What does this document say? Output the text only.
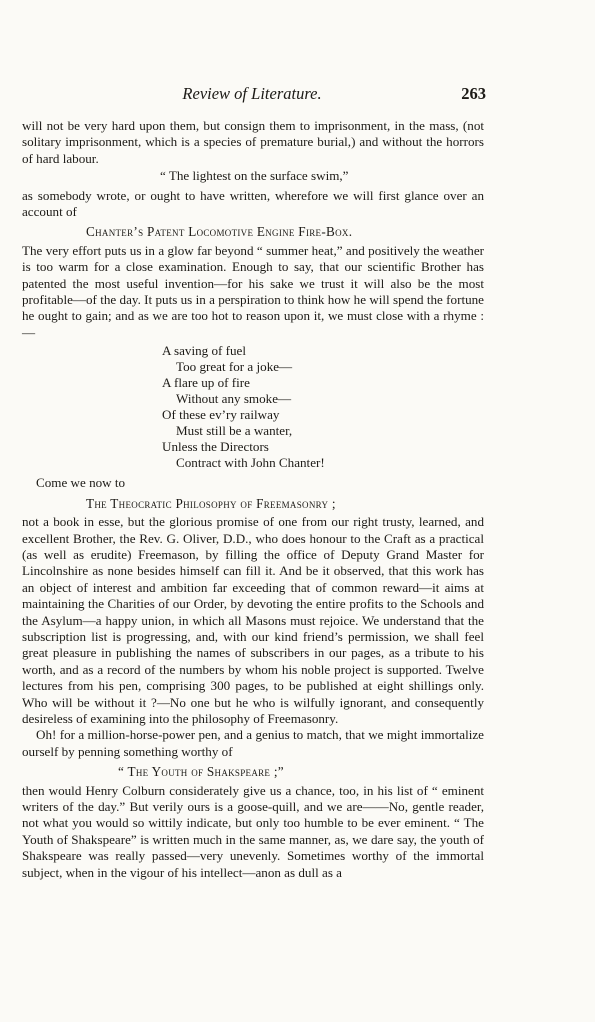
Review of Literature.	263

will not be very hard upon them, but consign them to imprisonment, in the mass, (not solitary imprisonment, which is a species of premature burial,) and without the horrors of hard labour.

“ The lightest on the surface swim,”

as somebody wrote, or ought to have written, wherefore we will first glance over an account of

Chanter’s Patent Locomotive Engine Fire-Box.

The very effort puts us in a glow far beyond “ summer heat,” and positively the weather is too warm for a close examination. Enough to say, that our scientific Brother has patented the most useful invention—for his sake we trust it will also be the most profitable—of the day. It puts us in a perspiration to think how he will spend the fortune he ought to gain; and as we are too hot to reason upon it, we must close with a rhyme :—

A saving of fuel
Too great for a joke—
A flare up of fire
Without any smoke—
Of these ev’ry railway
Must still be a wanter,
Unless the Directors
Contract with John Chanter!
Come we now to
The Theocratic Philosophy of Freemasonry ;

not a book in esse, but the glorious promise of one from our right trusty, learned, and excellent Brother, the Rev. G. Oliver, D.D., who does honour to the Craft as a practical (as well as erudite) Freemason, by filling the office of Deputy Grand Master for Lincolnshire as none besides himself can fill it. And be it observed, that this work has an object of interest and ambition far exceeding that of common reward—it aims at maintaining the Charities of our Order, by devoting the entire profits to the Schools and the Asylum—a happy union, in which all Masons must rejoice. We understand that the subscription list is progressing, and, with our kind friend’s permission, we shall feel great pleasure in publishing the names of subscribers in our pages, as a tribute to his worth, and as a record of the numbers by whom his noble project is supported. Twelve lectures from his pen, comprising 300 pages, to be published at eight shillings only. Who will be without it ?—No one but he who is wilfully ignorant, and consequently desireless of examining into the philosophy of Freemasonry.

Oh! for a million-horse-power pen, and a genius to match, that we might immortalize ourself by penning something worthy of

“ The Youth of Shakspeare ;”

then would Henry Colburn considerately give us a chance, too, in his list of “ eminent writers of the day.” But verily ours is a goose-quill, and we are——No, gentle reader, not what you would so wittily indicate, but only too humble to be ever eminent. “ The Youth of Shakspeare” is written much in the same manner, as, we dare say, the youth of Shakspeare was really passed—very unevenly. Sometimes worthy of the immortal subject, when in the vigour of his intellect—anon as dull as a
